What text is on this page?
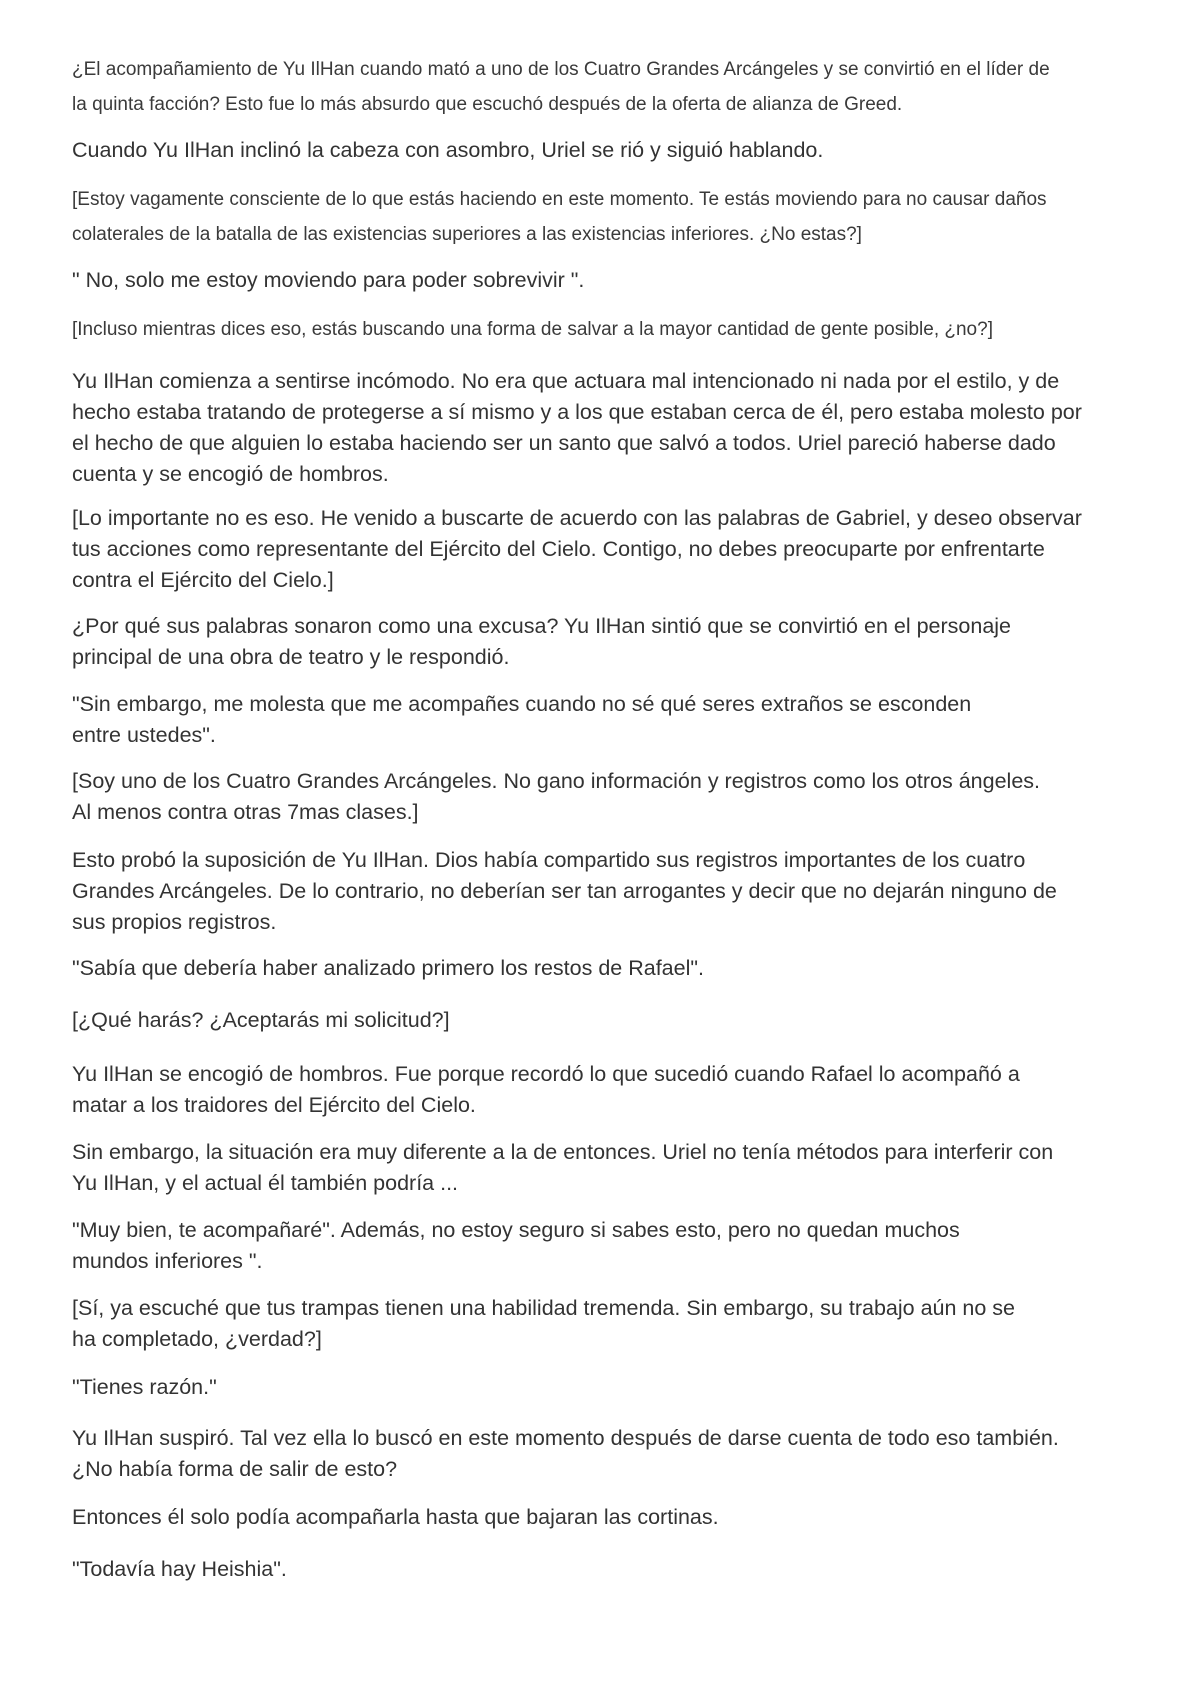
¿El acompañamiento de Yu IlHan cuando mató a uno de los Cuatro Grandes Arcángeles y se convirtió en el líder de
la quinta facción? Esto fue lo más absurdo que escuchó después de la oferta de alianza de Greed.

Cuando Yu IlHan inclinó la cabeza con asombro, Uriel se rió y siguió hablando.

[Estoy vagamente consciente de lo que estás haciendo en este momento. Te estás moviendo para no causar daños
colaterales de la batalla de las existencias superiores a las existencias inferiores. ¿No estas?]

" No, solo me estoy moviendo para poder sobrevivir ".

[Incluso mientras dices eso, estás buscando una forma de salvar a la mayor cantidad de gente posible, ¿no?]

Yu IlHan comienza a sentirse incómodo. No era que actuara mal intencionado ni nada por el estilo, y de
hecho estaba tratando de protegerse a sí mismo y a los que estaban cerca de él, pero estaba molesto por
el hecho de que alguien lo estaba haciendo ser un santo que salvó a todos. Uriel pareció haberse dado
cuenta y se encogió de hombros.

[Lo importante no es eso. He venido a buscarte de acuerdo con las palabras de Gabriel, y deseo observar
tus acciones como representante del Ejército del Cielo. Contigo, no debes preocuparte por enfrentarte
contra el Ejército del Cielo.]

¿Por qué sus palabras sonaron como una excusa? Yu IlHan sintió que se convirtió en el personaje
principal de una obra de teatro y le respondió.

"Sin embargo, me molesta que me acompañes cuando no sé qué seres extraños se esconden
entre ustedes".

[Soy uno de los Cuatro Grandes Arcángeles. No gano información y registros como los otros ángeles.
Al menos contra otras 7mas clases.]

Esto probó la suposición de Yu IlHan. Dios había compartido sus registros importantes de los cuatro
Grandes Arcángeles. De lo contrario, no deberían ser tan arrogantes y decir que no dejarán ninguno de
sus propios registros.

"Sabía que debería haber analizado primero los restos de Rafael".

[¿Qué harás? ¿Aceptarás mi solicitud?]

Yu IlHan se encogió de hombros. Fue porque recordó lo que sucedió cuando Rafael lo acompañó a
matar a los traidores del Ejército del Cielo.

Sin embargo, la situación era muy diferente a la de entonces. Uriel no tenía métodos para interferir con
Yu IlHan, y el actual él también podría ...

"Muy bien, te acompañaré". Además, no estoy seguro si sabes esto, pero no quedan muchos
mundos inferiores ".

[Sí, ya escuché que tus trampas tienen una habilidad tremenda. Sin embargo, su trabajo aún no se
ha completado, ¿verdad?]

"Tienes razón."

Yu IlHan suspiró. Tal vez ella lo buscó en este momento después de darse cuenta de todo eso también.
¿No había forma de salir de esto?

Entonces él solo podía acompañarla hasta que bajaran las cortinas.

"Todavía hay Heishia".
